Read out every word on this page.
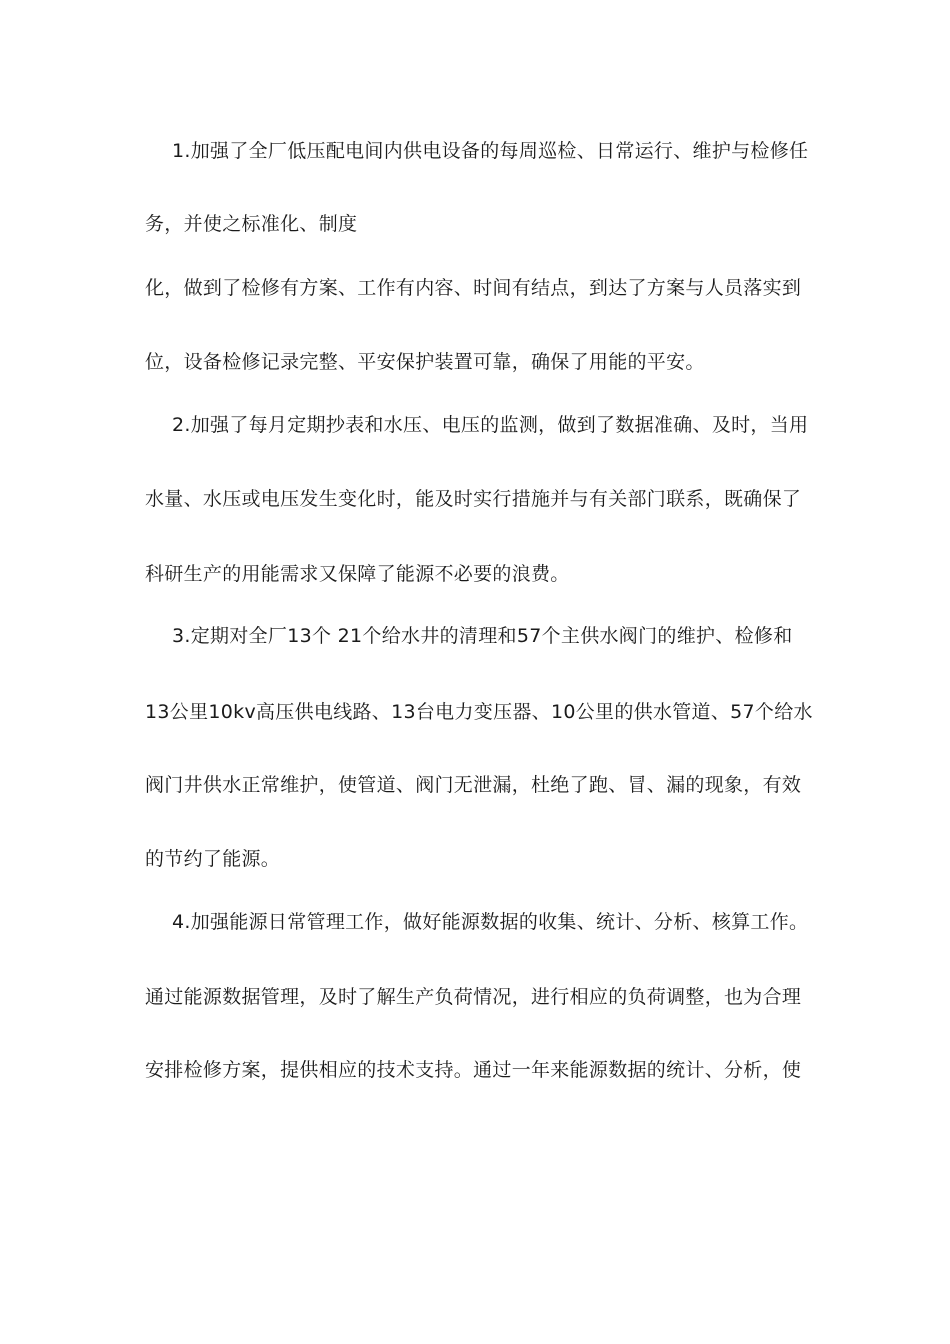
1.加强了全厂低压配电间内供电设备的每周巡检、日常运行、维护与检修任
务，并使之标准化、制度
化，做到了检修有方案、工作有内容、时间有结点，到达了方案与人员落实到
位，设备检修记录完整、平安保护装置可靠，确保了用能的平安。
2.加强了每月定期抄表和水压、电压的监测，做到了数据准确、及时，当用
水量、水压或电压发生变化时，能及时实行措施并与有关部门联系，既确保了
科研生产的用能需求又保障了能源不必要的浪费。
3.定期对全厂13个 21个给水井的清理和57个主供水阀门的维护、检修和
13公里10kv高压供电线路、13台电力变压器、10公里的供水管道、57个给水
阀门井供水正常维护，使管道、阀门无泄漏，杜绝了跑、冒、漏的现象，有效
的节约了能源。
4.加强能源日常管理工作，做好能源数据的收集、统计、分析、核算工作。
通过能源数据管理，及时了解生产负荷情况，进行相应的负荷调整，也为合理
安排检修方案，提供相应的技术支持。通过一年来能源数据的统计、分析，使
